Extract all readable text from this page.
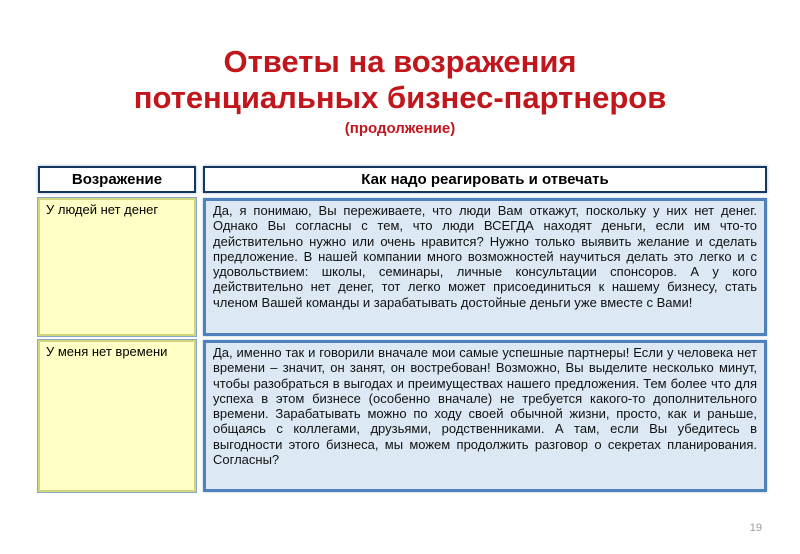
Ответы на возражения
потенциальных бизнес-партнеров
(продолжение)
Возражение	Как надо реагировать и отвечать
У людей нет денег	Да, я понимаю, Вы переживаете, что люди Вам откажут, поскольку у них нет денег. Однако Вы согласны с тем, что люди ВСЕГДА находят деньги, если им что-то действительно нужно или очень нравится? Нужно только выявить желание и сделать предложение. В нашей компании много возможностей научиться делать это легко и с удовольствием: школы, семинары, личные консультации спонсоров. А у кого действительно нет денег, тот легко может присоединиться к нашему бизнесу, стать членом Вашей команды и зарабатывать достойные деньги уже вместе с Вами!
У меня нет времени	Да, именно так и говорили вначале мои самые успешные партнеры! Если у человека нет времени – значит, он занят, он востребован! Возможно, Вы выделите несколько минут, чтобы разобраться в выгодах и преимуществах нашего предложения. Тем более что для успеха в этом бизнесе (особенно вначале) не требуется какого-то дополнительного времени. Зарабатывать можно по ходу своей обычной жизни, просто, как и раньше, общаясь с коллегами, друзьями, родственниками. А там, если Вы убедитесь в выгодности этого бизнеса, мы можем продолжить разговор о секретах планирования. Согласны?
19
